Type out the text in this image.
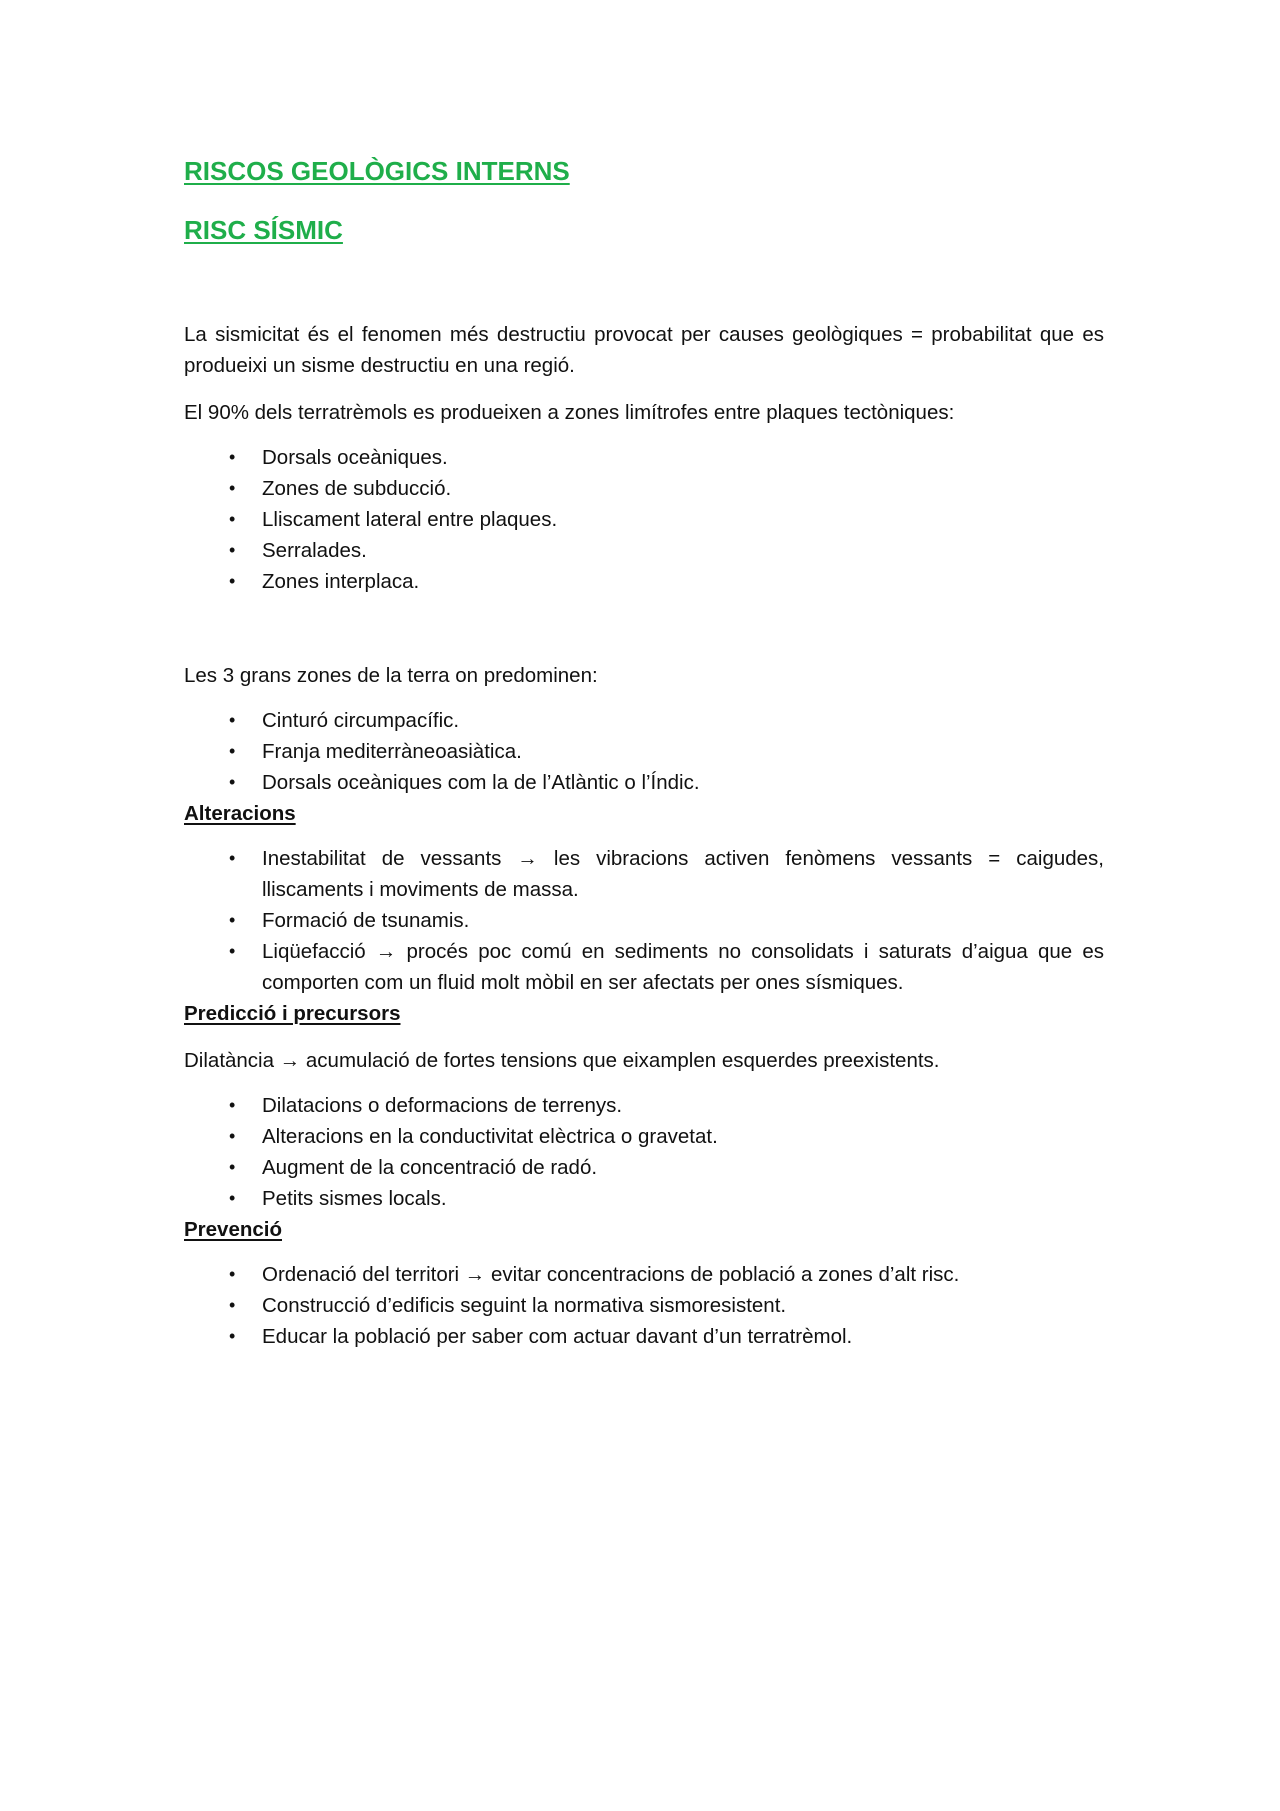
RISCOS GEOLÒGICS INTERNS
RISC SÍSMIC

La sismicitat és el fenomen més destructiu provocat per causes geològiques = probabilitat que es produeixi un sisme destructiu en una regió.

El 90% dels terratrèmols es produeixen a zones limítrofes entre plaques tectòniques:

• Dorsals oceàniques.
• Zones de subducció.
• Lliscament lateral entre plaques.
• Serralades.
• Zones interplaca.

Les 3 grans zones de la terra on predominen:

• Cinturó circumpacífic.
• Franja mediterràneoasiàtica.
• Dorsals oceàniques com la de l’Atlàntic o l’Índic.

Alteracions

• Inestabilitat de vessants → les vibracions activen fenòmens vessants = caigudes, lliscaments i moviments de massa.
• Formació de tsunamis.
• Liqüefacció → procés poc comú en sediments no consolidats i saturats d’aigua que es comporten com un fluid molt mòbil en ser afectats per ones sísmiques.

Predicció i precursors

Dilatància → acumulació de fortes tensions que eixamplen esquerdes preexistents.

• Dilatacions o deformacions de terrenys.
• Alteracions en la conductivitat elèctrica o gravetat.
• Augment de la concentració de radó.
• Petits sismes locals.

Prevenció

• Ordenació del territori → evitar concentracions de població a zones d’alt risc.
• Construcció d’edificis seguint la normativa sismoresistent.
• Educar la població per saber com actuar davant d’un terratrèmol.
